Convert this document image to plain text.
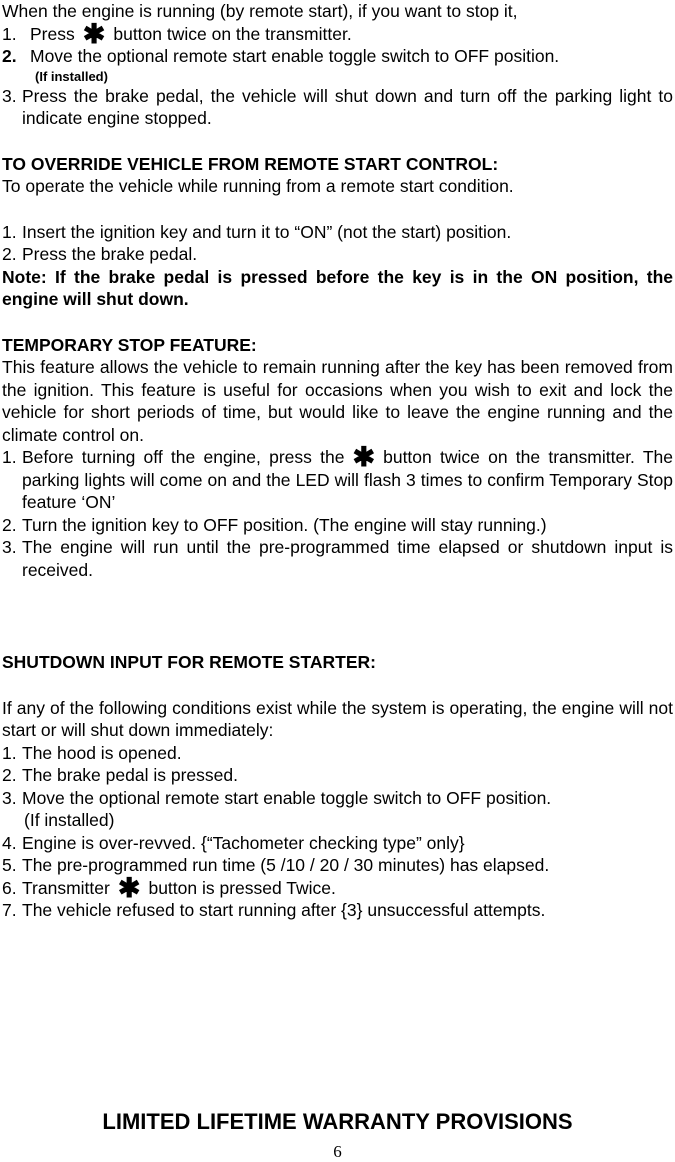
When the engine is running (by remote start), if you want to stop it,

1. Press ✱ button twice on the transmitter.
2. Move the optional remote start enable toggle switch to OFF position.

(If installed)

3. Press the brake pedal, the vehicle will shut down and turn off the parking light to indicate engine stopped.

TO OVERRIDE VEHICLE FROM REMOTE START CONTROL:

To operate the vehicle while running from a remote start condition.

1. Insert the ignition key and turn it to “ON” (not the start) position.
2. Press the brake pedal.

Note: If the brake pedal is pressed before the key is in the ON position, the engine will shut down.

TEMPORARY STOP FEATURE:

This feature allows the vehicle to remain running after the key has been removed from the ignition. This feature is useful for occasions when you wish to exit and lock the vehicle for short periods of time, but would like to leave the engine running and the climate control on.

1. Before turning off the engine, press the ✱ button twice on the transmitter. The parking lights will come on and the LED will flash 3 times to confirm Temporary Stop feature ‘ON’
2. Turn the ignition key to OFF position. (The engine will stay running.)
3. The engine will run until the pre-programmed time elapsed or shutdown input is received.

SHUTDOWN INPUT FOR REMOTE STARTER:

If any of the following conditions exist while the system is operating, the engine will not start or will shut down immediately:

1. The hood is opened.
2. The brake pedal is pressed.
3. Move the optional remote start enable toggle switch to OFF position.

(If installed)

4. Engine is over-revved. {“Tachometer checking type” only}
5. The pre-programmed run time (5 /10 / 20 / 30 minutes) has elapsed.
6. Transmitter ✱ button is pressed Twice.
7. The vehicle refused to start running after {3} unsuccessful attempts.
LIMITED LIFETIME WARRANTY PROVISIONS
6
